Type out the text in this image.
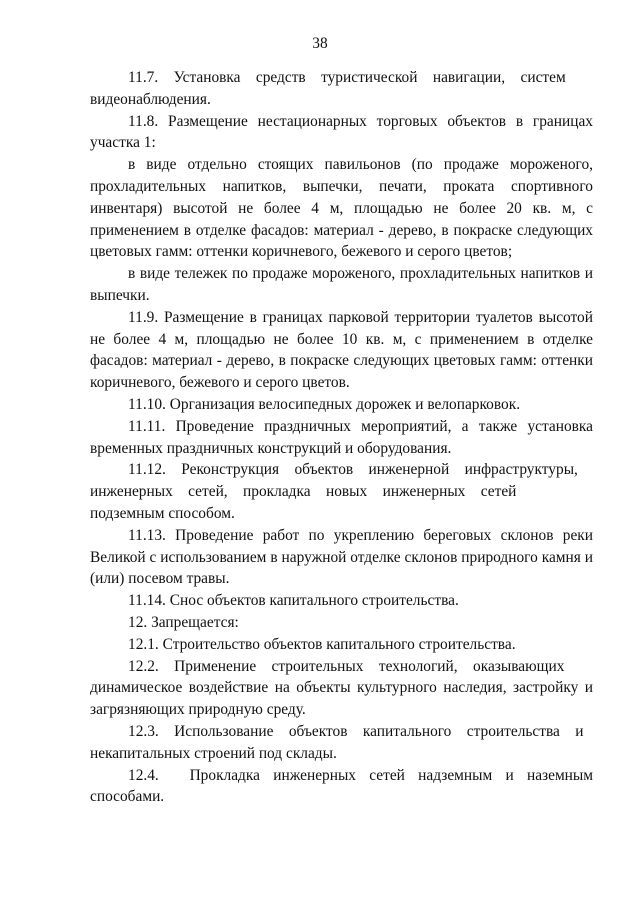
38

11.7. Установка средств туристической навигации, систем видеонаблюдения.

11.8. Размещение нестационарных торговых объектов в границах участка 1:

в виде отдельно стоящих павильонов (по продаже мороженого, прохладительных напитков, выпечки, печати, проката спортивного инвентаря) высотой не более 4 м, площадью не более 20 кв. м, с применением в отделке фасадов: материал - дерево, в покраске следующих цветовых гамм: оттенки коричневого, бежевого и серого цветов;

в виде тележек по продаже мороженого, прохладительных напитков и выпечки.

11.9. Размещение в границах парковой территории туалетов высотой не более 4 м, площадью не более 10 кв. м, с применением в отделке фасадов: материал - дерево, в покраске следующих цветовых гамм: оттенки коричневого, бежевого и серого цветов.

11.10. Организация велосипедных дорожек и велопарковок.

11.11. Проведение праздничных мероприятий, а также установка временных праздничных конструкций и оборудования.

11.12. Реконструкция объектов инженерной инфраструктуры, инженерных сетей, прокладка новых инженерных сетей подземным способом.

11.13. Проведение работ по укреплению береговых склонов реки Великой с использованием в наружной отделке склонов природного камня и (или) посевом травы.

11.14. Снос объектов капитального строительства.

12. Запрещается:

12.1. Строительство объектов капитального строительства.

12.2. Применение строительных технологий, оказывающих динамическое воздействие на объекты культурного наследия, застройку и загрязняющих природную среду.

12.3. Использование объектов капитального строительства и некапитальных строений под склады.

12.4.  Прокладка инженерных сетей надземным и наземным способами.
